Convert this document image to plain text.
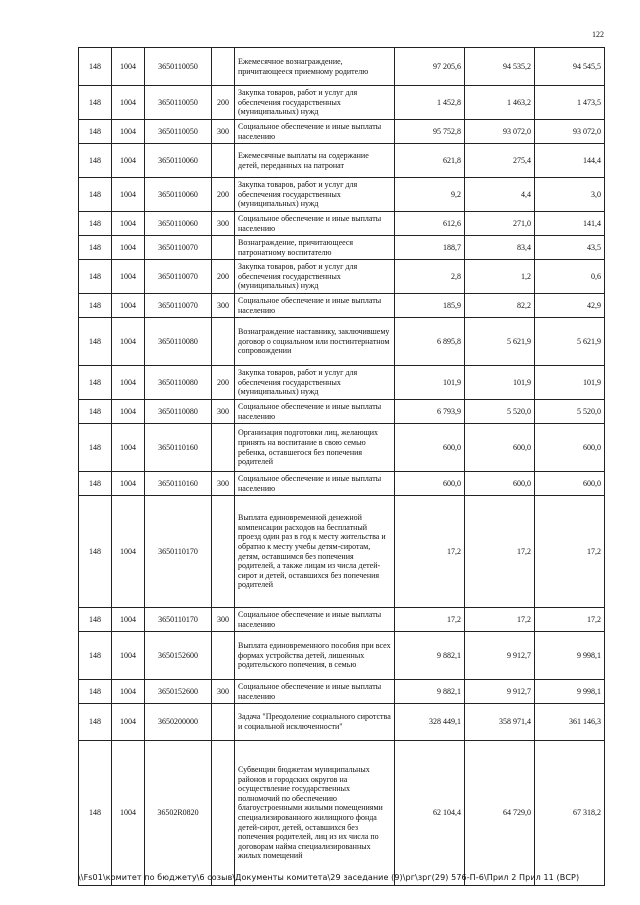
122
148	1004	3650110050		Ежемесячное вознаграждение, причитающееся приемному родителю	97 205,6	94 535,2	94 545,5
148	1004	3650110050	200	Закупка товаров, работ и услуг для обеспечения государственных (муниципальных) нужд	1 452,8	1 463,2	1 473,5
148	1004	3650110050	300	Социальное обеспечение и иные выплаты населению	95 752,8	93 072,0	93 072,0
148	1004	3650110060		Ежемесячные выплаты на содержание детей, переданных на патронат	621,8	275,4	144,4
148	1004	3650110060	200	Закупка товаров, работ и услуг для обеспечения государственных (муниципальных) нужд	9,2	4,4	3,0
148	1004	3650110060	300	Социальное обеспечение и иные выплаты населению	612,6	271,0	141,4
148	1004	3650110070		Вознаграждение, причитающееся патронатному воспитателю	188,7	83,4	43,5
148	1004	3650110070	200	Закупка товаров, работ и услуг для обеспечения государственных (муниципальных) нужд	2,8	1,2	0,6
148	1004	3650110070	300	Социальное обеспечение и иные выплаты населению	185,9	82,2	42,9
148	1004	3650110080		Вознаграждение наставнику, заключившему договор о социальном или постинтернатном сопровождении	6 895,8	5 621,9	5 621,9
148	1004	3650110080	200	Закупка товаров, работ и услуг для обеспечения государственных (муниципальных) нужд	101,9	101,9	101,9
148	1004	3650110080	300	Социальное обеспечение и иные выплаты населению	6 793,9	5 520,0	5 520,0
148	1004	3650110160		Организация подготовки лиц, желающих принять на воспитание в свою семью ребенка, оставшегося без попечения родителей	600,0	600,0	600,0
148	1004	3650110160	300	Социальное обеспечение и иные выплаты населению	600,0	600,0	600,0
148	1004	3650110170		Выплата единовременной денежной компенсации расходов на бесплатный проезд один раз в год к месту жительства и обратно к месту учебы детям-сиротам, детям, оставшимся без попечения родителей, а также лицам из числа детей-сирот и детей, оставшихся без попечения родителей	17,2	17,2	17,2
148	1004	3650110170	300	Социальное обеспечение и иные выплаты населению	17,2	17,2	17,2
148	1004	3650152600		Выплата единовременного пособия при всех формах устройства детей, лишенных родительского попечения, в семью	9 882,1	9 912,7	9 998,1
148	1004	3650152600	300	Социальное обеспечение и иные выплаты населению	9 882,1	9 912,7	9 998,1
148	1004	3650200000		Задача "Преодоление социального сиротства и социальной исключенности"	328 449,1	358 971,4	361 146,3
148	1004	36502R0820		Субвенции бюджетам муниципальных районов и городских округов на осуществление государственных полномочий по обеспечению благоустроенными жилыми помещениями специализированного жилищного фонда детей-сирот, детей, оставшихся без попечения родителей, лиц из их числа по договорам найма специализированных жилых помещений	62 104,4	64 729,0	67 318,2
\\Fs01\комитет по бюджету\6 созыв\Документы комитета\29 заседание (9)\рг\зрг(29) 576-П-6\Прил 2 Прил 11 (ВСР)
